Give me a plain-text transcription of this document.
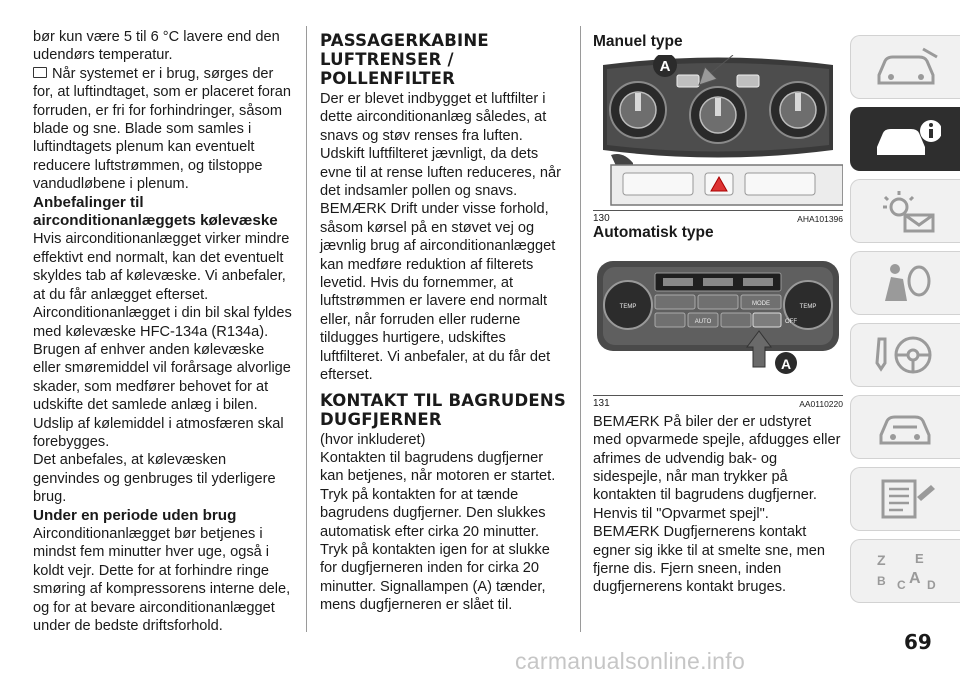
bør kun være 5 til 6 °C lavere end den udendørs temperatur.

Når systemet er i brug, sørges der for, at luftindtaget, som er placeret foran forruden, er fri for forhindringer, såsom blade og sne. Blade som samles i luftindtagets plenum kan eventuelt reducere luftstrømmen, og tilstoppe vandudløbene i plenum.

Anbefalinger til airconditionanlæggets kølevæske

Hvis airconditionanlægget virker mindre effektivt end normalt, kan det eventuelt skyldes tab af kølevæske. Vi anbefaler, at du får anlægget efterset.

Airconditionanlægget i din bil skal fyldes med kølevæske HFC-134a (R134a).

Brugen af enhver anden kølevæske eller smøremiddel vil forårsage alvorlige skader, som medfører behovet for at udskifte det samlede anlæg i bilen. Udslip af kølemiddel i atmosfæren skal forebygges.

Det anbefales, at kølevæsken genvindes og genbruges til yderligere brug.

Under en periode uden brug

Airconditionanlægget bør betjenes i mindst fem minutter hver uge, også i koldt vejr. Dette for at forhindre ringe smøring af kompressorens interne dele, og for at bevare airconditionanlægget under de bedste driftsforhold.

PASSAGERKABINE LUFTRENSER / POLLENFILTER

Der er blevet indbygget et luftfilter i dette airconditionanlæg således, at snavs og støv renses fra luften.

Udskift luftfilteret jævnligt, da dets evne til at rense luften reduceres, når det indsamler pollen og snavs.

BEMÆRK Drift under visse forhold, såsom kørsel på en støvet vej og jævnlig brug af airconditionanlægget kan medføre reduktion af filterets levetid. Hvis du fornemmer, at luftstrømmen er lavere end normalt eller, når forruden eller ruderne tildugges hurtigere, udskiftes luftfilteret. Vi anbefaler, at du får det efterset.

KONTAKT TIL BAGRUDENS DUGFJERNER

(hvor inkluderet)

Kontakten til bagrudens dugfjerner kan betjenes, når motoren er startet. Tryk på kontakten for at tænde bagrudens dugfjerner. Den slukkes automatisk efter cirka 20 minutter.

Tryk på kontakten igen for at slukke for dugfjerneren inden for cirka 20 minutter. Signallampen (A) tænder, mens dugfjerneren er slået til.

Manuel type
A
130	AHA101396
Automatisk type
TEMP	TEMP
MODE
AUTO	OFF
A
131	AA0110220

BEMÆRK På biler der er udstyret med opvarmede spejle, afdugges eller afrimes de udvendig bak- og sidespejle, når man trykker på kontakten til bagrudens dugfjerner. Henvis til "Opvarmet spejl".

BEMÆRK Dugfjernerens kontakt egner sig ikke til at smelte sne, men fjerne dis. Fjern sneen, inden dugfjernerens kontakt bruges.

Z E
B C A D
69
carmanualsonline.info
